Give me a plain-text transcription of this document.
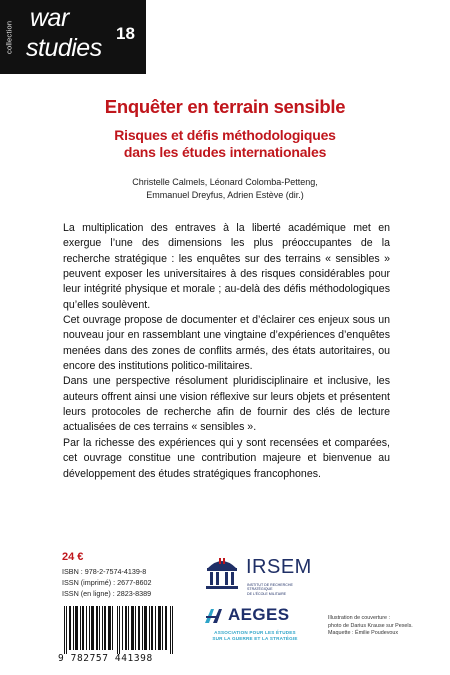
collection
war
studies
18
Enquêter en terrain sensible
Risques et défis méthodologiques
dans les études internationales
Christelle Calmels, Léonard Colomba-Petteng,
Emmanuel Dreyfus, Adrien Estève (dir.)

La multiplication des entraves à la liberté académique met en exergue l’une des dimensions les plus préoccupantes de la recherche stratégique : les enquêtes sur des terrains « sensibles » peuvent exposer les universitaires à des risques considérables pour leur intégrité physique et morale ; au-delà des défis méthodologiques qu’elles soulèvent.

Cet ouvrage propose de documenter et d’éclairer ces enjeux sous un nouveau jour en rassemblant une vingtaine d’expériences d’enquêtes menées dans des zones de conflits armés, des états autoritaires, ou encore des institutions politico-militaires.

Dans une perspective résolument pluridisciplinaire et inclusive, les auteurs offrent ainsi une vision réflexive sur leurs objets et présentent leurs protocoles de recherche afin de fournir des clés de lecture actualisées de ces terrains « sensibles ».

Par la richesse des expériences qui y sont recensées et comparées, cet ouvrage constitue une contribution majeure et bienvenue au développement des études stratégiques francophones.

24 €
ISBN : 978-2-7574-4139-8
ISSN (imprimé) : 2677-8602
ISSN (en ligne) : 2823-8389
9 782757 441398
IRSEM
INSTITUT DE RECHERCHE STRATÉGIQUE
DE L’ÉCOLE MILITAIRE
AEGES
ASSOCIATION POUR LES ÉTUDES
SUR LA GUERRE ET LA STRATÉGIE
Illustration de couverture :
photo de Darius Krause sur Pexels.
Maquette : Émilie Poudevoux
